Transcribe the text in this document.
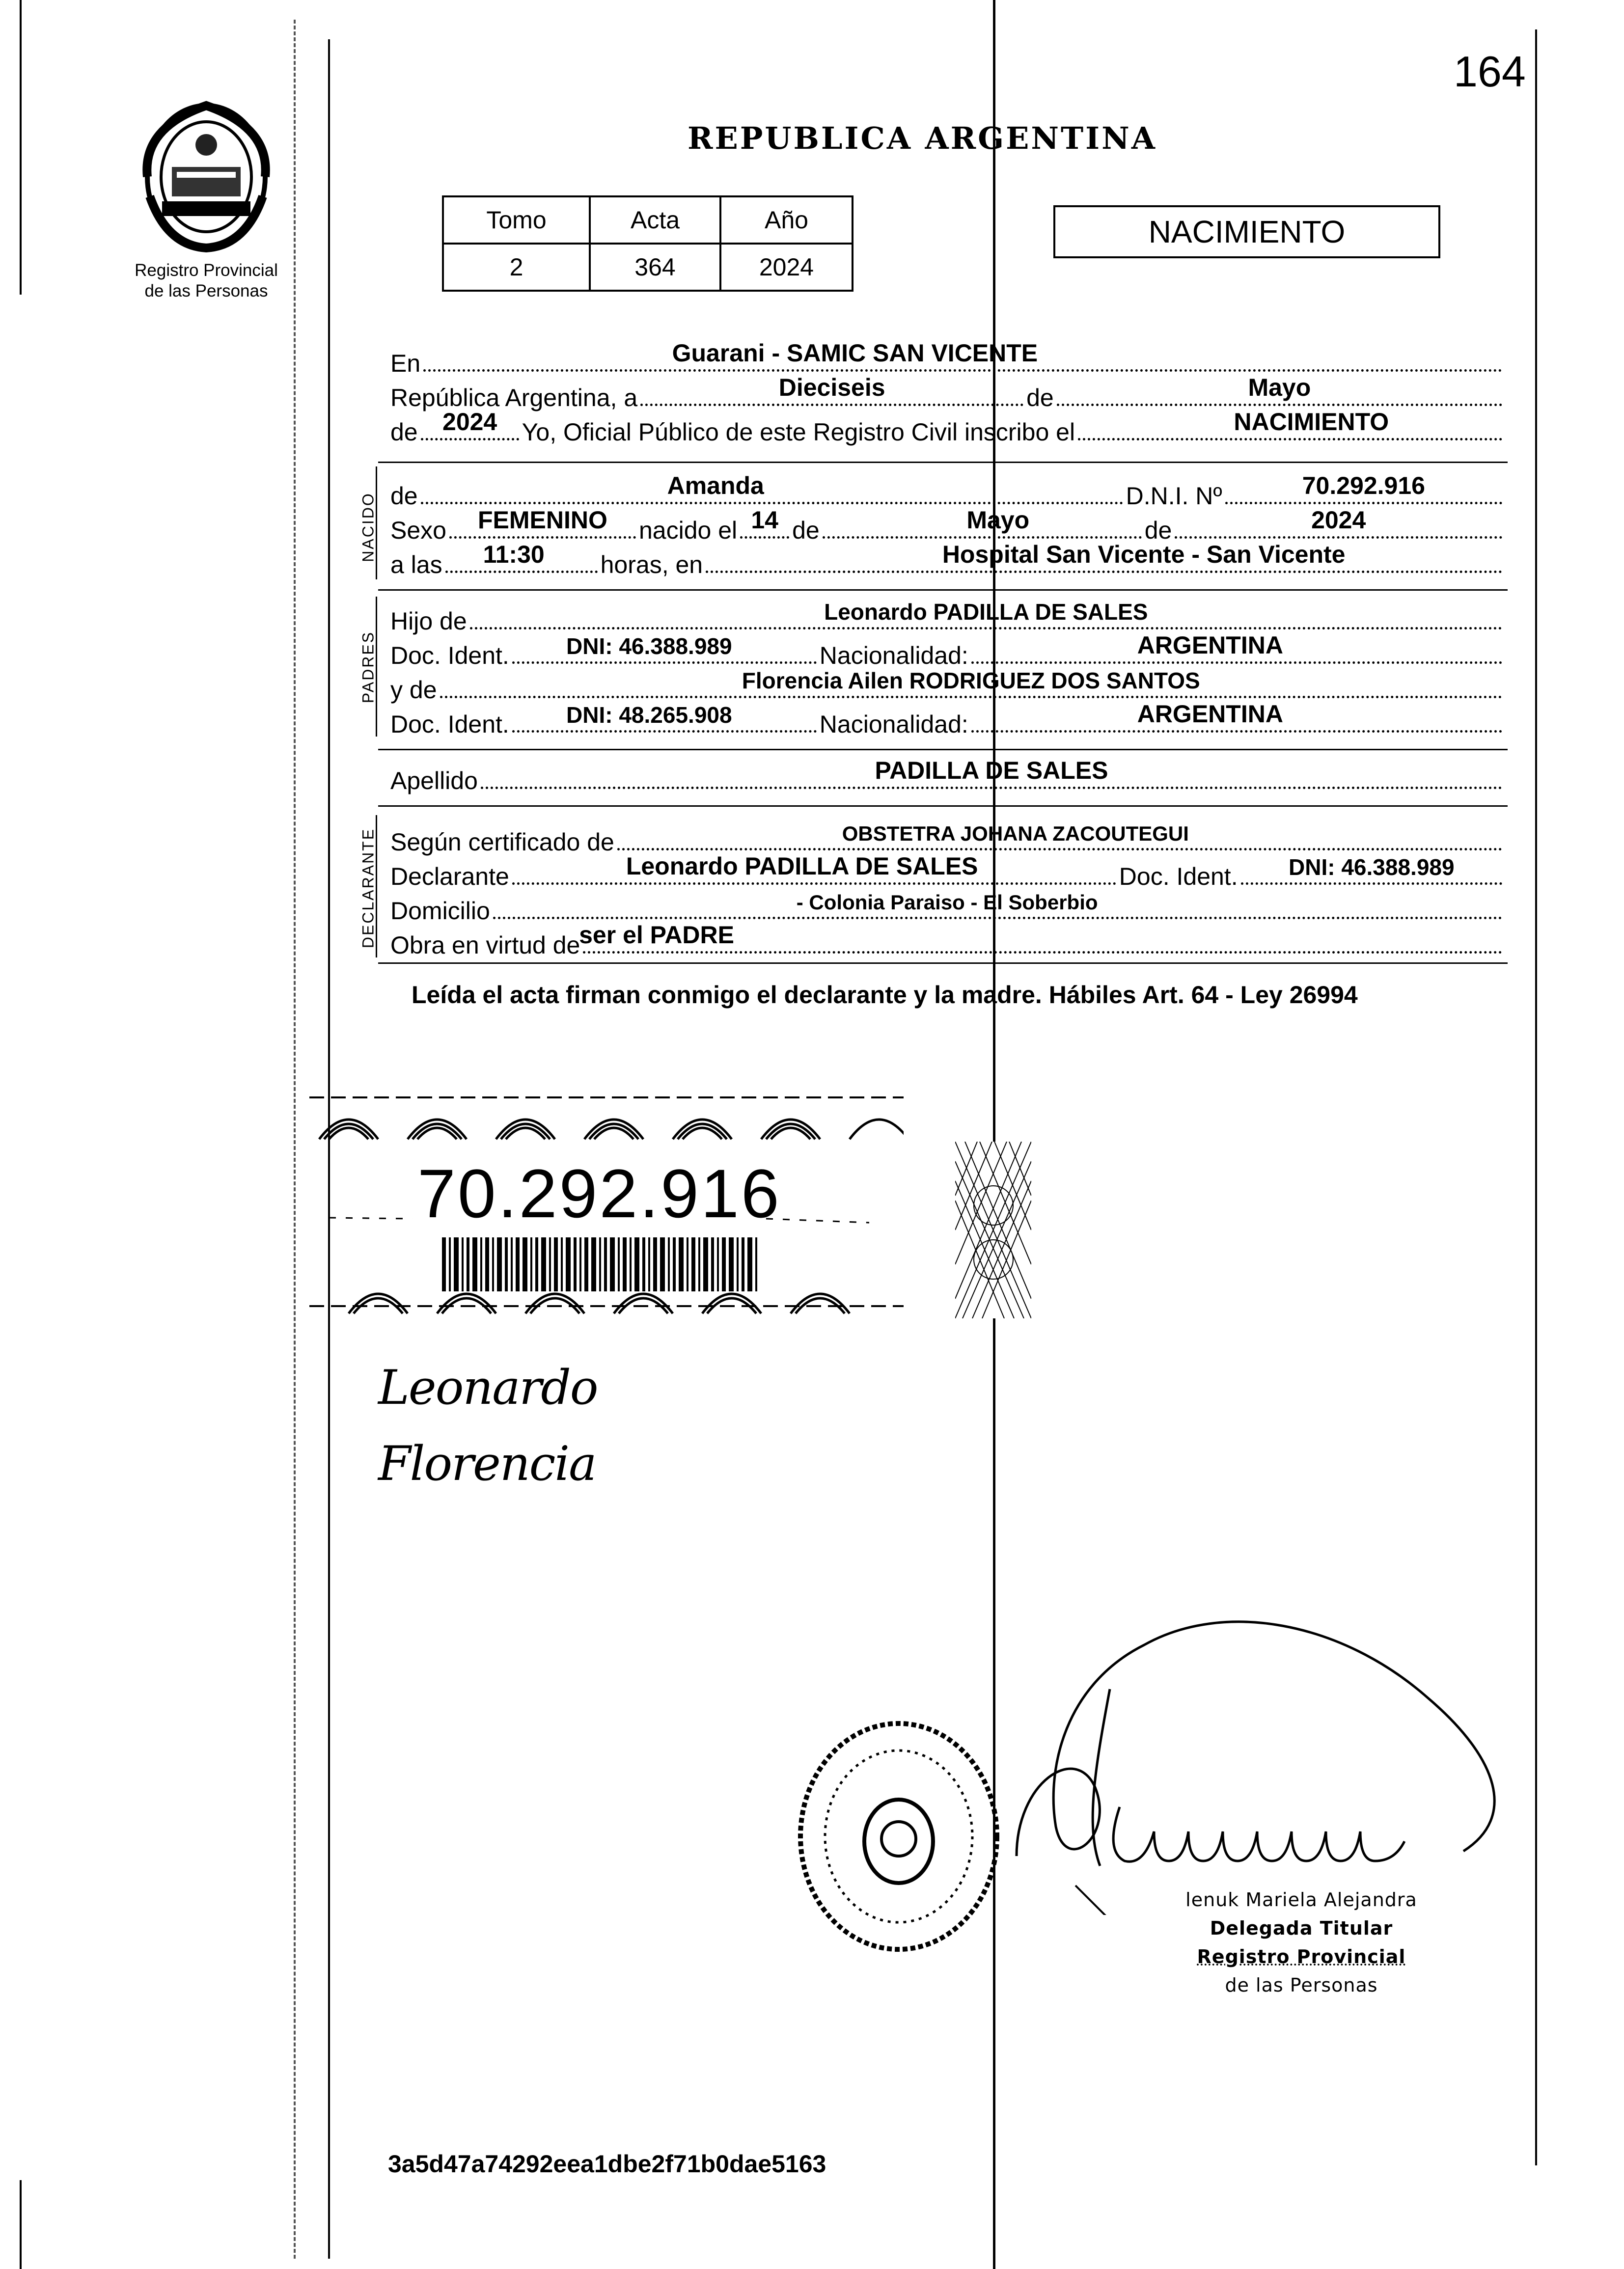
Registro Provincial
de las Personas
164
REPUBLICA ARGENTINA
Tomo	Acta	Año
2	364	2024
NACIMIENTO
En	Guarani - SAMIC SAN VICENTE
República Argentina, a	Dieciseis	de	Mayo
de 2024 Yo, Oficial Público de este Registro Civil inscribo el	NACIMIENTO
NACIDO de	Amanda	D.N.I. Nº	70.292.916
Sexo FEMENINO nacido el 14 de	Mayo	de	2024
a las 11:30 horas, en	Hospital San Vicente - San Vicente
PADRES
Hijo de	Leonardo PADILLA DE SALES
Doc. Ident.	DNI: 46.388.989	Nacionalidad:	ARGENTINA
y de	Florencia Ailen RODRIGUEZ DOS SANTOS
Doc. Ident.	DNI: 48.265.908	Nacionalidad:	ARGENTINA
Apellido	PADILLA DE SALES
DECLARANTE Según certificado de	OBSTETRA JOHANA ZACOUTEGUI
Declarante	Leonardo PADILLA DE SALES	Doc. Ident. DNI: 46.388.989
Domicilio	- Colonia Paraiso - El Soberbio
Obra en virtud de
ser el PADRE
Leída el acta firman conmigo el declarante y la madre. Hábiles Art. 64 - Ley 26994
70.292.916
Leonardo
Florencia
lenuk Mariela Alejandra
Delegada Titular
Registro Provincial
de las Personas
3a5d47a74292eea1dbe2f71b0dae5163
